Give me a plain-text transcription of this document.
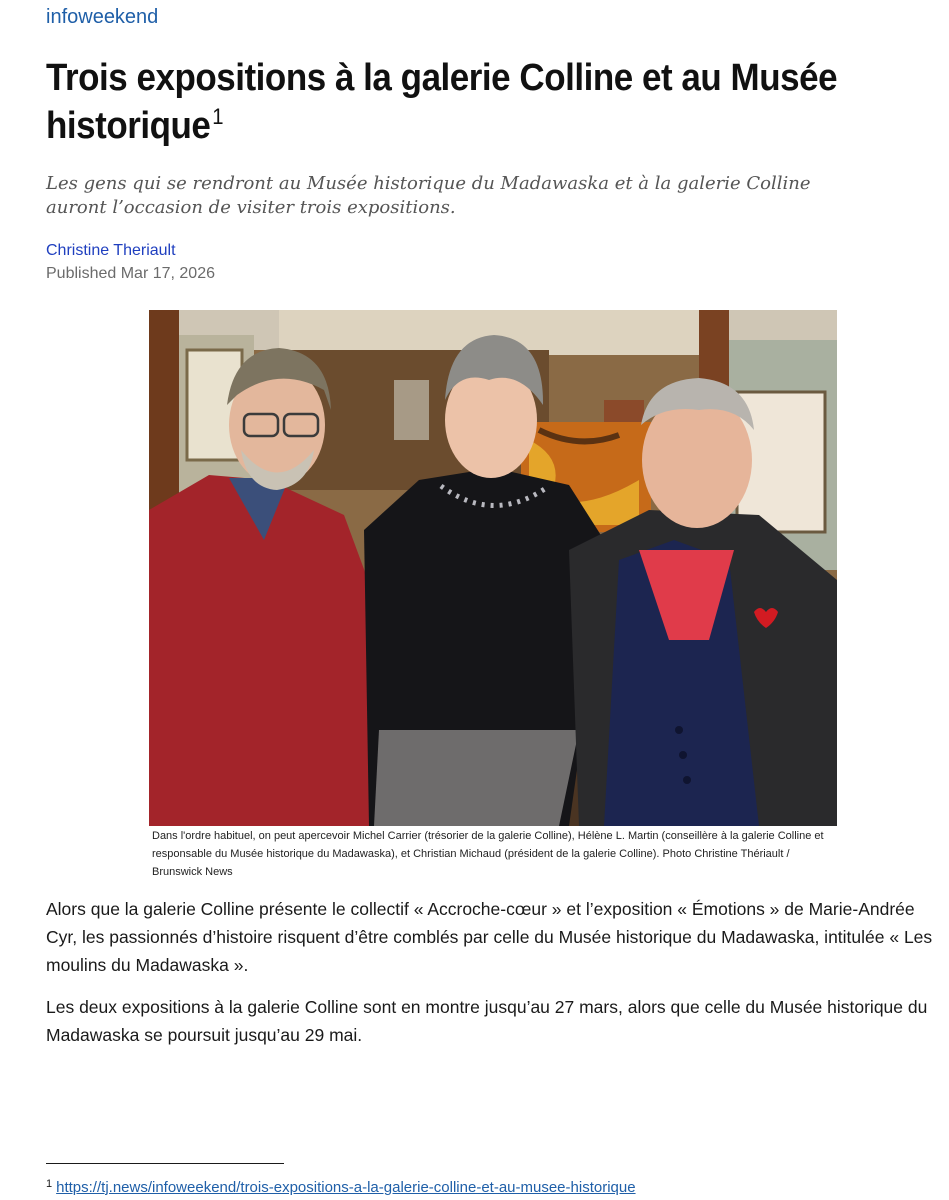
infoweekend
Trois expositions à la galerie Colline et au Musée historique$^1$

Les gens qui se rendront au Musée historique du Madawaska et à la galerie Colline auront l’occasion de visiter trois expositions.

Christine Theriault
Published Mar 17, 2026

Dans l'ordre habituel, on peut apercevoir Michel Carrier (trésorier de la galerie Colline), Hélène L. Martin (conseillère à la galerie Colline et responsable du Musée historique du Madawaska), et Christian Michaud (président de la galerie Colline). Photo Christine Thériault / Brunswick News

Alors que la galerie Colline présente le collectif « Accroche-cœur » et l’exposition « Émotions » de Marie-Andrée Cyr, les passionnés d’histoire risquent d’être comblés par celle du Musée historique du Madawaska, intitulée « Les moulins du Madawaska ».

Les deux expositions à la galerie Colline sont en montre jusqu’au 27 mars, alors que celle du Musée historique du Madawaska se poursuit jusqu’au 29 mai.

$^1$ https://tj.news/infoweekend/trois-expositions-a-la-galerie-colline-et-au-musee-historique
